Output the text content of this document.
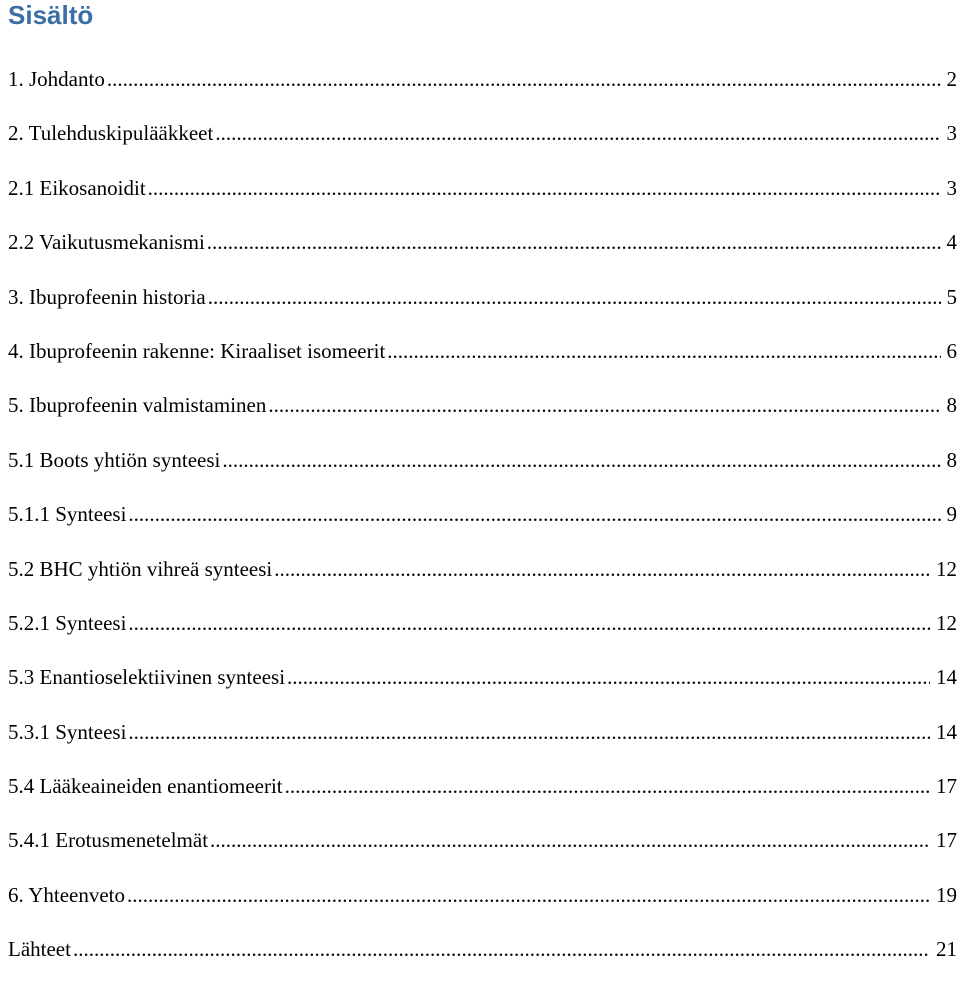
Sisältö
1. Johdanto .....	2
2. Tulehduskipulääkkeet .....	3
2.1 Eikosanoidit .....	3
2.2 Vaikutusmekanismi .....	4
3. Ibuprofeenin historia .....	5
4. Ibuprofeenin rakenne: Kiraaliset isomeerit .....	6
5. Ibuprofeenin valmistaminen .....	8
5.1 Boots yhtiön synteesi .....	8
5.1.1 Synteesi .....	9
5.2 BHC yhtiön vihreä synteesi .....	12
5.2.1 Synteesi .....	12
5.3 Enantioselektiivinen synteesi .....	14
5.3.1 Synteesi .....	14
5.4 Lääkeaineiden enantiomeerit .....	17
5.4.1 Erotusmenetelmät .....	17
6. Yhteenveto .....	19
Lähteet .....	21
